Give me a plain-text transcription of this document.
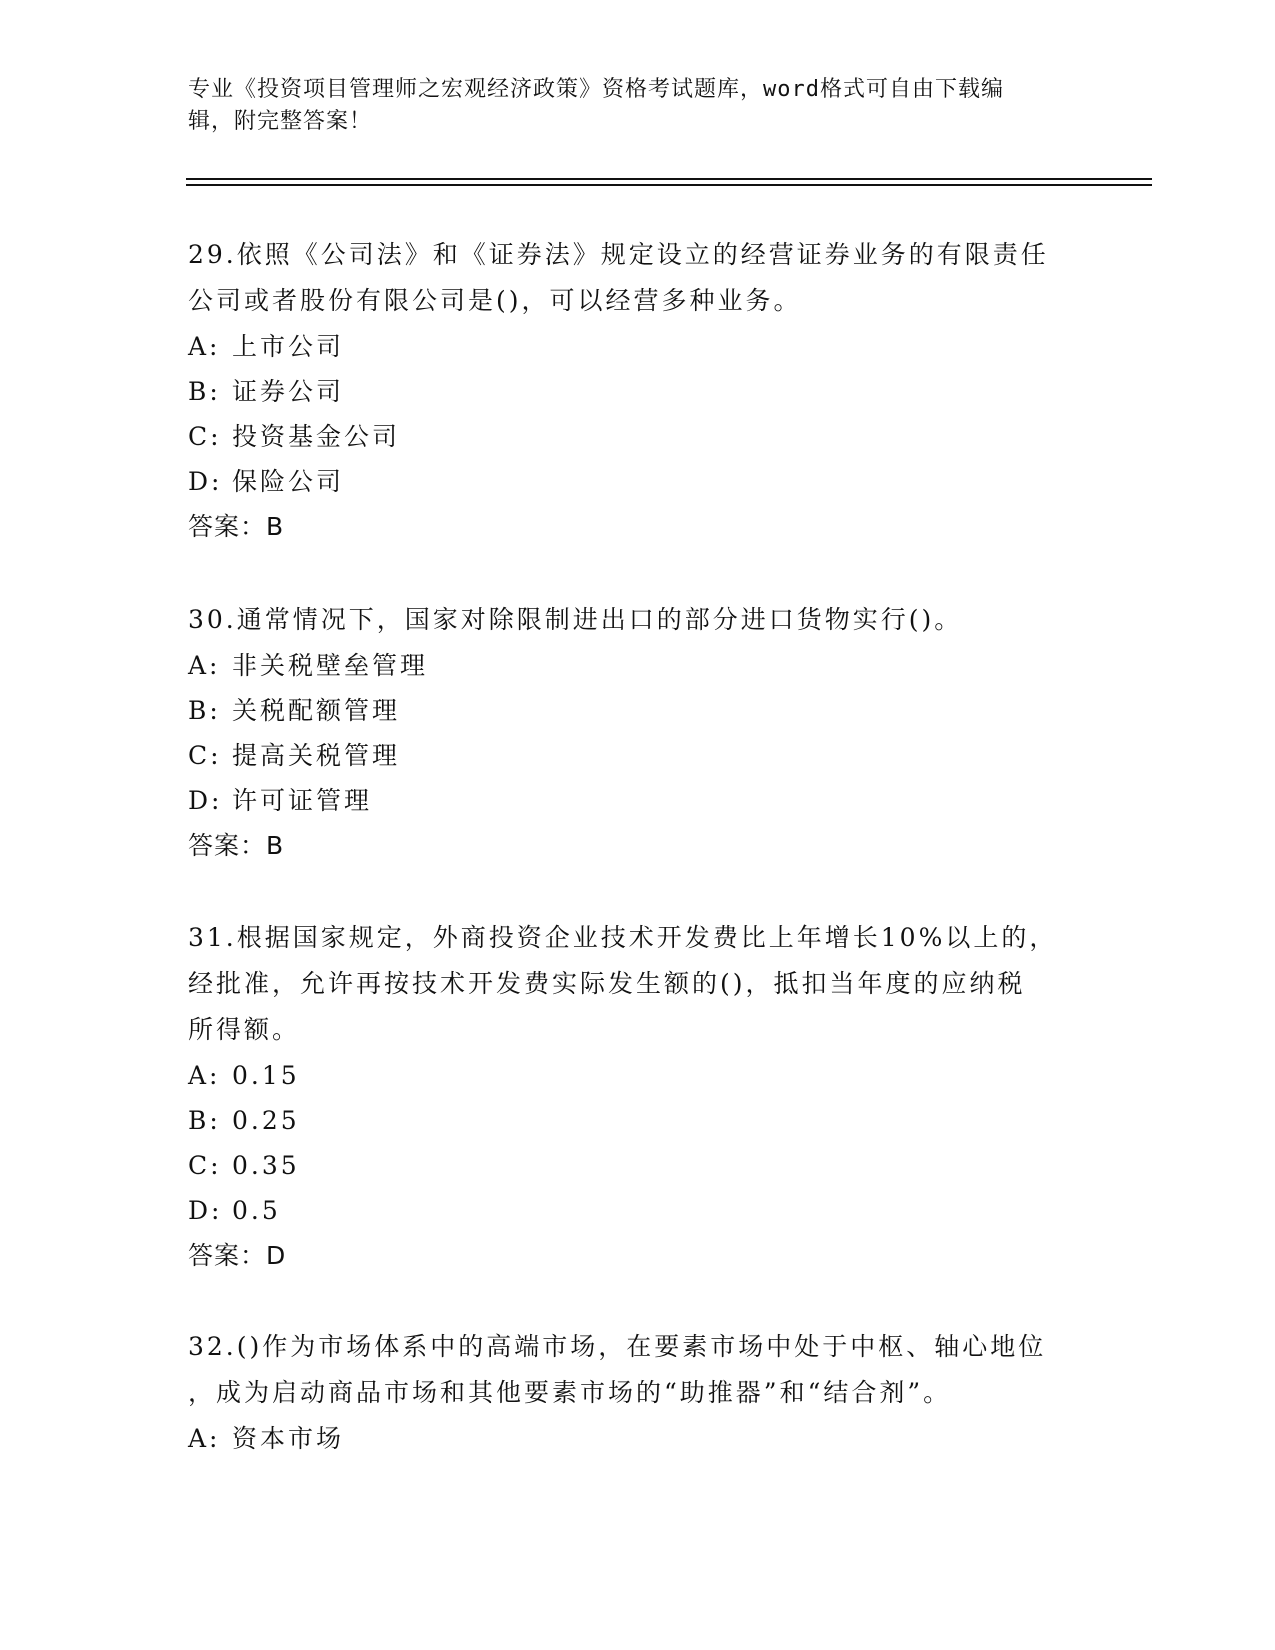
专业《投资项目管理师之宏观经济政策》资格考试题库，word格式可自由下载编
辑，附完整答案！

29.依照《公司法》和《证券法》规定设立的经营证券业务的有限责任

公司或者股份有限公司是()，可以经营多种业务。

A: 上市公司
B: 证券公司
C: 投资基金公司
D: 保险公司

答案：B

30.通常情况下，国家对除限制进出口的部分进口货物实行()。

A: 非关税壁垒管理
B: 关税配额管理
C: 提高关税管理
D: 许可证管理

答案：B

31.根据国家规定，外商投资企业技术开发费比上年增长10%以上的，

经批准，允许再按技术开发费实际发生额的()，抵扣当年度的应纳税

所得额。

A: 0.15
B: 0.25
C: 0.35
D: 0.5

答案：D

32.()作为市场体系中的高端市场，在要素市场中处于中枢、轴心地位

，成为启动商品市场和其他要素市场的“助推器”和“结合剂”。

A: 资本市场
